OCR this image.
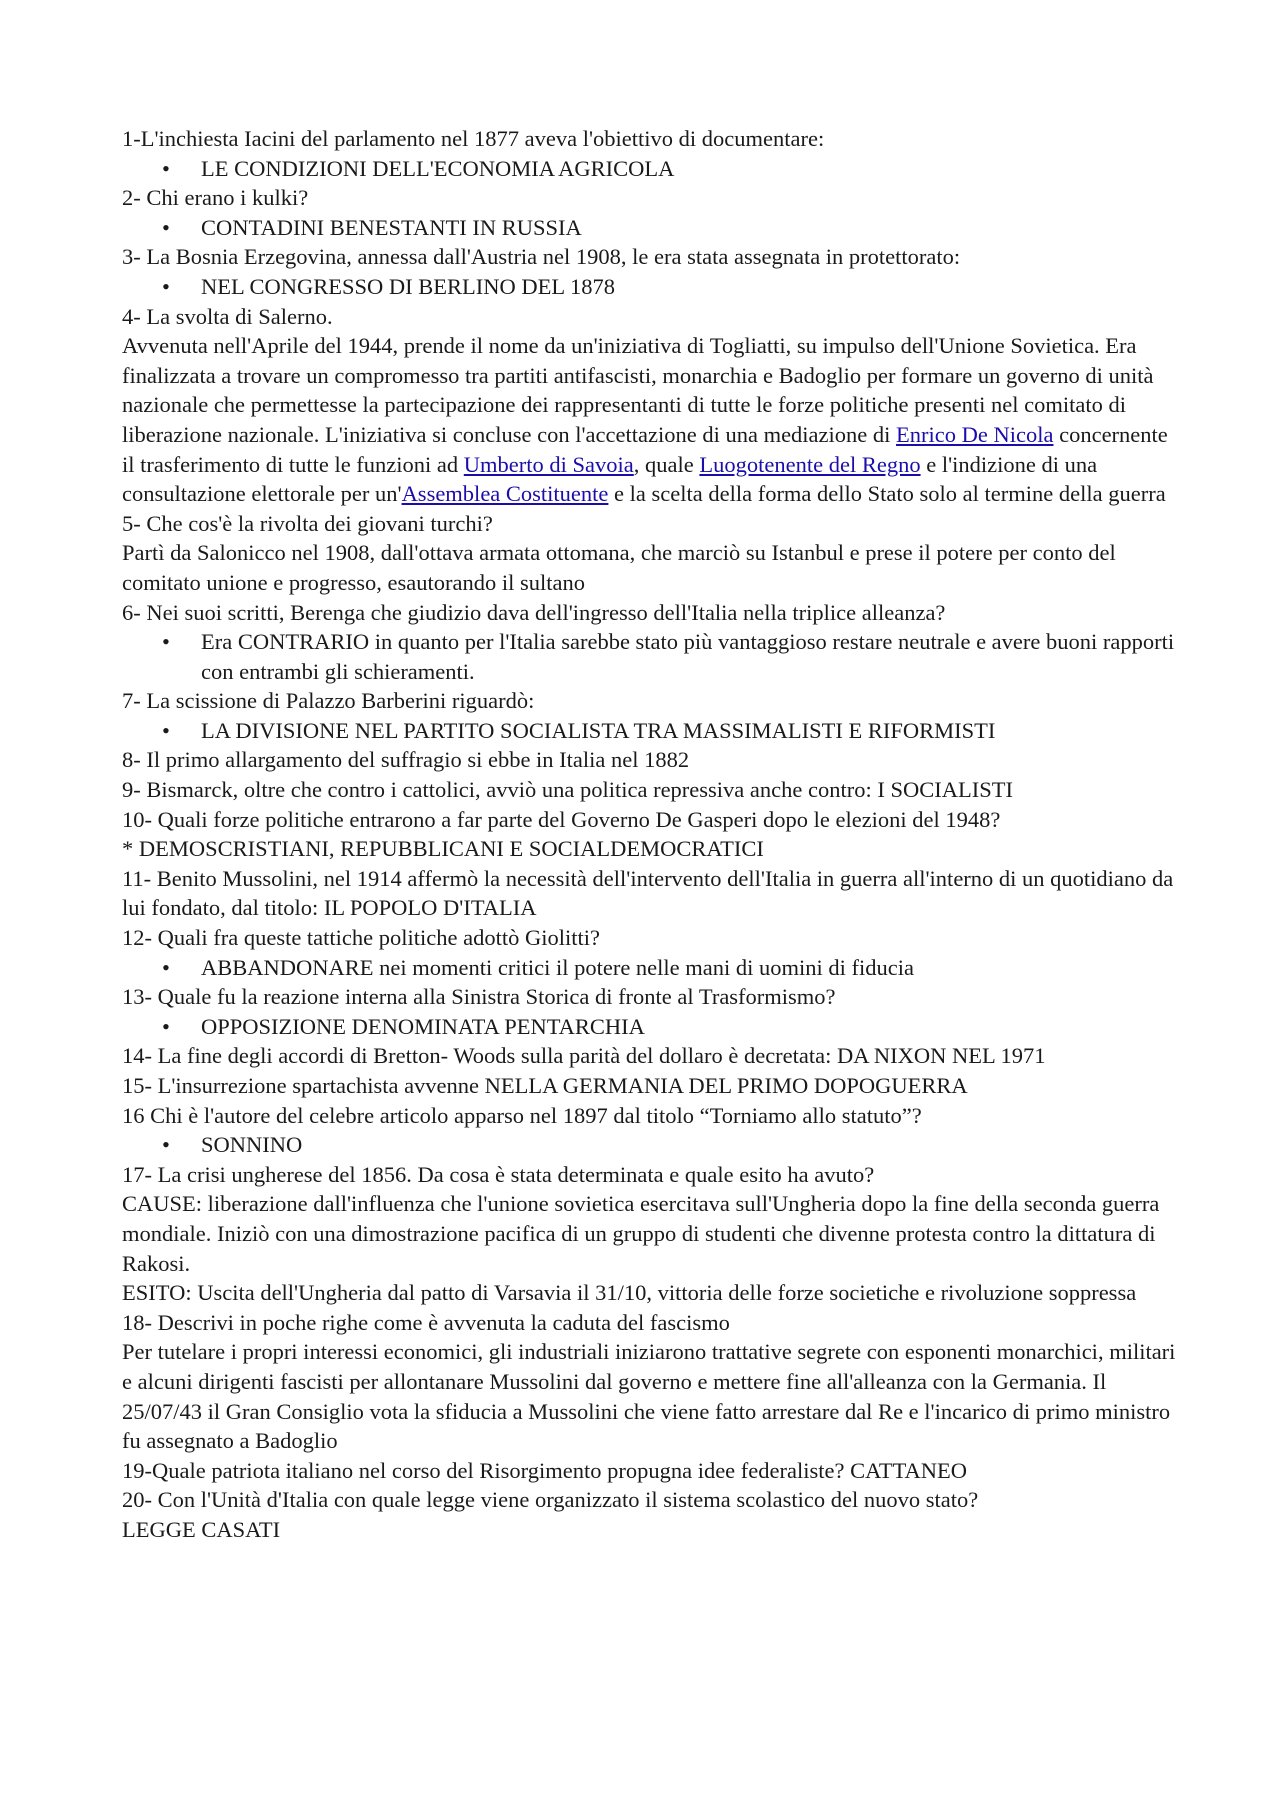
1-L'inchiesta Iacini del parlamento nel 1877 aveva l'obiettivo di documentare:
• LE CONDIZIONI DELL'ECONOMIA AGRICOLA
2- Chi erano i kulki?
• CONTADINI BENESTANTI IN RUSSIA
3- La Bosnia Erzegovina, annessa dall'Austria nel 1908, le era stata assegnata in protettorato:
• NEL CONGRESSO DI BERLINO DEL 1878
4- La svolta di Salerno.
Avvenuta nell'Aprile del 1944, prende il nome da un'iniziativa di Togliatti, su impulso dell'Unione Sovietica. Era finalizzata a trovare un compromesso tra partiti antifascisti, monarchia e Badoglio per formare un governo di unità nazionale che permettesse la partecipazione dei rappresentanti di tutte le forze politiche presenti nel comitato di liberazione nazionale. L'iniziativa si concluse con l'accettazione di una mediazione di Enrico De Nicola concernente il trasferimento di tutte le funzioni ad Umberto di Savoia, quale Luogotenente del Regno e l'indizione di una consultazione elettorale per un'Assemblea Costituente e la scelta della forma dello Stato solo al termine della guerra
5- Che cos'è la rivolta dei giovani turchi?
Partì da Salonicco nel 1908, dall'ottava armata ottomana, che marciò su Istanbul e prese il potere per conto del comitato unione e progresso, esautorando il sultano
6- Nei suoi scritti, Berenga che giudizio dava dell'ingresso dell'Italia nella triplice alleanza?
• Era CONTRARIO in quanto per l'Italia sarebbe stato più vantaggioso restare neutrale e avere buoni rapporti con entrambi gli schieramenti.
7- La scissione di Palazzo Barberini riguardò:
• LA DIVISIONE NEL PARTITO SOCIALISTA TRA MASSIMALISTI E RIFORMISTI
8- Il primo allargamento del suffragio si ebbe in Italia nel 1882
9- Bismarck, oltre che contro i cattolici, avviò una politica repressiva anche contro: I SOCIALISTI
10- Quali forze politiche entrarono a far parte del Governo De Gasperi dopo le elezioni del 1948?
* DEMOSCRISTIANI, REPUBBLICANI E SOCIALDEMOCRATICI
11- Benito Mussolini, nel 1914 affermò la necessità dell'intervento dell'Italia in guerra all'interno di un quotidiano da lui fondato, dal titolo: IL POPOLO D'ITALIA
12- Quali fra queste tattiche politiche adottò Giolitti?
• ABBANDONARE nei momenti critici il potere nelle mani di uomini di fiducia
13- Quale fu la reazione interna alla Sinistra Storica di fronte al Trasformismo?
• OPPOSIZIONE DENOMINATA PENTARCHIA
14- La fine degli accordi di Bretton- Woods sulla parità del dollaro è decretata: DA NIXON NEL 1971
15- L'insurrezione spartachista avvenne NELLA GERMANIA DEL PRIMO DOPOGUERRA
16 Chi è l'autore del celebre articolo apparso nel 1897 dal titolo “Torniamo allo statuto”?
• SONNINO
17- La crisi ungherese del 1856. Da cosa è stata determinata e quale esito ha avuto?
CAUSE: liberazione dall'influenza che l'unione sovietica esercitava sull'Ungheria dopo la fine della seconda guerra mondiale. Iniziò con una dimostrazione pacifica di un gruppo di studenti che divenne protesta contro la dittatura di Rakosi.
ESITO: Uscita dell'Ungheria dal patto di Varsavia il 31/10, vittoria delle forze societiche e rivoluzione soppressa
18- Descrivi in poche righe come è avvenuta la caduta del fascismo
Per tutelare i propri interessi economici, gli industriali iniziarono trattative segrete con esponenti monarchici, militari e alcuni dirigenti fascisti per allontanare Mussolini dal governo e mettere fine all'alleanza con la Germania. Il 25/07/43 il Gran Consiglio vota la sfiducia a Mussolini che viene fatto arrestare dal Re e l'incarico di primo ministro fu assegnato a Badoglio
19-Quale patriota italiano nel corso del Risorgimento propugna idee federaliste? CATTANEO
20- Con l'Unità d'Italia con quale legge viene organizzato il sistema scolastico del nuovo stato?
LEGGE CASATI
